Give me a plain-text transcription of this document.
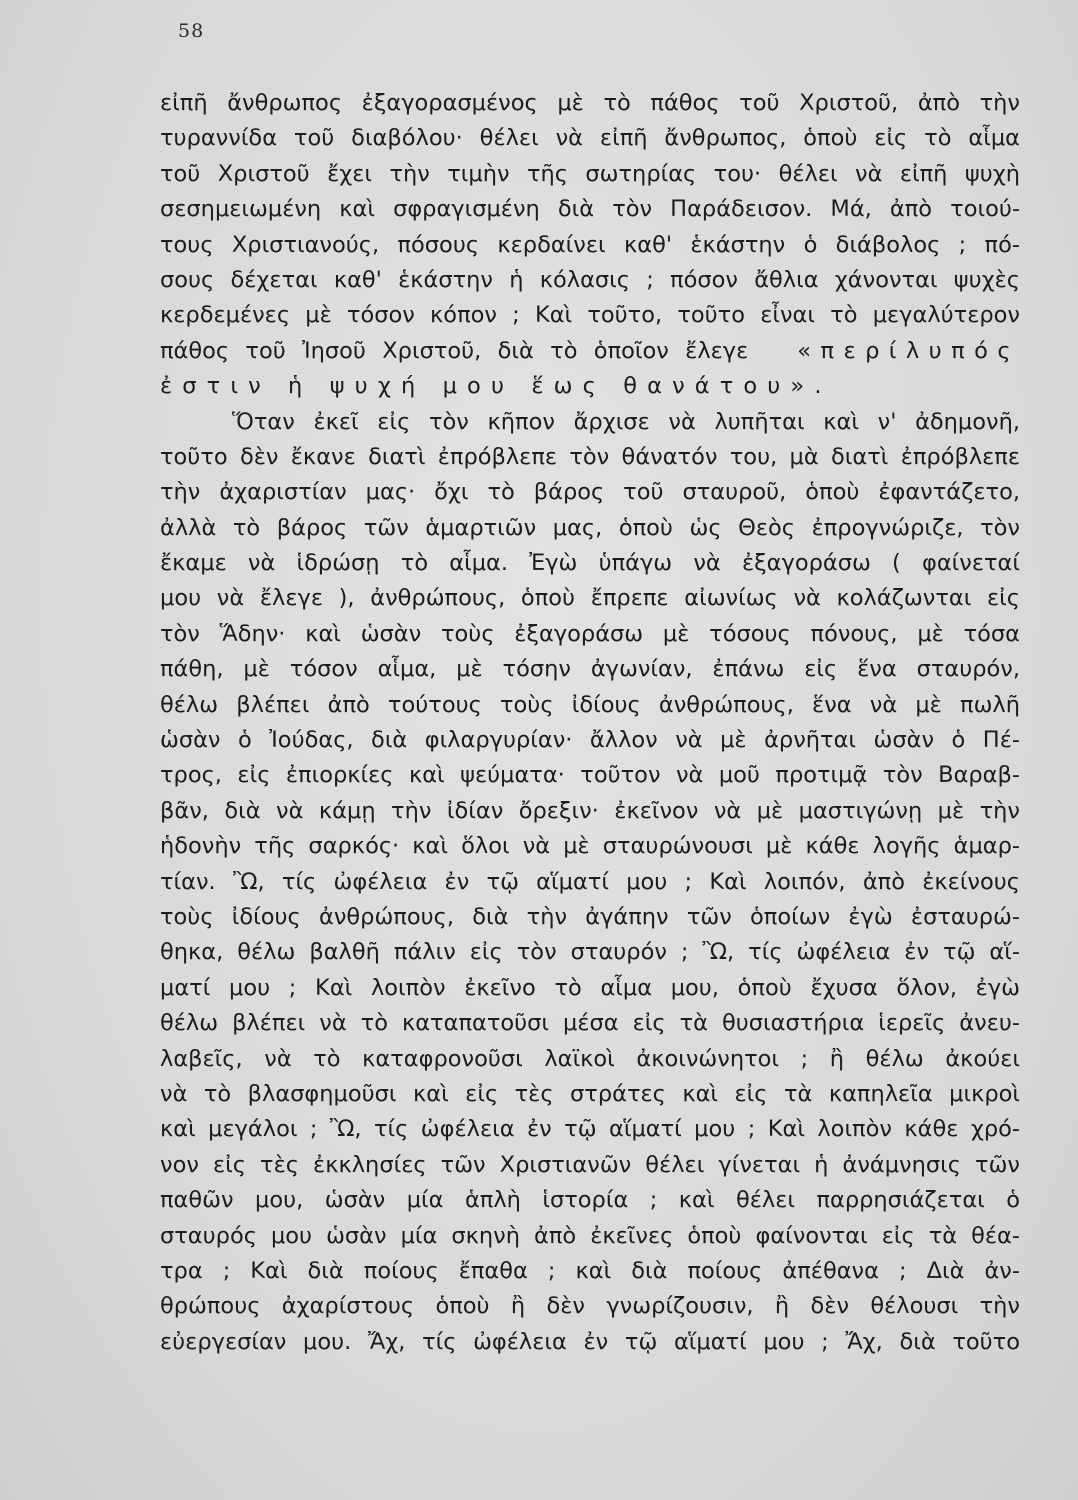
58
εἰπῆ ἄνθρωπος ἐξαγορασμένος μὲ τὸ πάθος τοῦ Χριστοῦ, ἀπὸ τὴν
τυραννίδα τοῦ διαβόλου· θέλει νὰ εἰπῆ ἄνθρωπος, ὁποὺ εἰς τὸ αἷμα
τοῦ Χριστοῦ ἔχει τὴν τιμὴν τῆς σωτηρίας του· θέλει νὰ εἰπῆ ψυχὴ
σεσημειωμένη καὶ σφραγισμένη διὰ τὸν Παράδεισον. Μά, ἀπὸ τοιού-
τους Χριστιανούς, πόσους κερδαίνει καθ' ἑκάστην ὁ διάβολος ; πό-
σους δέχεται καθ' ἑκάστην ἡ κόλασις ; πόσον ἄθλια χάνονται ψυχὲς
κερδεμένες μὲ τόσον κόπον ; Καὶ τοῦτο, τοῦτο εἶναι τὸ μεγαλύτερον
πάθος τοῦ Ἰησοῦ Χριστοῦ, διὰ τὸ ὁποῖον ἔλεγε «περίλυπός
ἐστιν ἡ ψυχή μου ἕως θανάτου».
Ὅταν ἐκεῖ εἰς τὸν κῆπον ἄρχισε νὰ λυπῆται καὶ ν' ἀδημονῆ,
τοῦτο δὲν ἔκανε διατὶ ἐπρόβλεπε τὸν θάνατόν του, μὰ διατὶ ἐπρόβλεπε
τὴν ἀχαριστίαν μας· ὄχι τὸ βάρος τοῦ σταυροῦ, ὁποὺ ἐφαντάζετο,
ἀλλὰ τὸ βάρος τῶν ἁμαρτιῶν μας, ὁποὺ ὡς Θεὸς ἐπρογνώριζε, τὸν
ἔκαμε νὰ ἱδρώσῃ τὸ αἷμα. Ἐγὼ ὑπάγω νὰ ἐξαγοράσω ( φαίνεταί
μου νὰ ἔλεγε ), ἀνθρώπους, ὁποὺ ἔπρεπε αἰωνίως νὰ κολάζωνται εἰς
τὸν Ἅδην· καὶ ὡσὰν τοὺς ἐξαγοράσω μὲ τόσους πόνους, μὲ τόσα
πάθη, μὲ τόσον αἷμα, μὲ τόσην ἀγωνίαν, ἐπάνω εἰς ἕνα σταυρόν,
θέλω βλέπει ἀπὸ τούτους τοὺς ἰδίους ἀνθρώπους, ἕνα νὰ μὲ πωλῆ
ὡσὰν ὁ Ἰούδας, διὰ φιλαργυρίαν· ἄλλον νὰ μὲ ἀρνῆται ὡσὰν ὁ Πέ-
τρος, εἰς ἐπιορκίες καὶ ψεύματα· τοῦτον νὰ μοῦ προτιμᾷ τὸν Βαραβ-
βᾶν, διὰ νὰ κάμῃ τὴν ἰδίαν ὄρεξιν· ἐκεῖνον νὰ μὲ μαστιγώνῃ μὲ τὴν
ἡδονὴν τῆς σαρκός· καὶ ὅλοι νὰ μὲ σταυρώνουσι μὲ κάθε λογῆς ἁμαρ-
τίαν. Ὢ, τίς ὠφέλεια ἐν τῷ αἵματί μου ; Καὶ λοιπόν, ἀπὸ ἐκείνους
τοὺς ἰδίους ἀνθρώπους, διὰ τὴν ἀγάπην τῶν ὁποίων ἐγὼ ἐσταυρώ-
θηκα, θέλω βαλθῆ πάλιν εἰς τὸν σταυρόν ; Ὢ, τίς ὠφέλεια ἐν τῷ αἵ-
ματί μου ; Καὶ λοιπὸν ἐκεῖνο τὸ αἷμα μου, ὁποὺ ἔχυσα ὅλον, ἐγὼ
θέλω βλέπει νὰ τὸ καταπατοῦσι μέσα εἰς τὰ θυσιαστήρια ἱερεῖς ἀνευ-
λαβεῖς, νὰ τὸ καταφρονοῦσι λαϊκοὶ ἀκοινώνητοι ; ἢ θέλω ἀκούει
νὰ τὸ βλασφημοῦσι καὶ εἰς τὲς στράτες καὶ εἰς τὰ καπηλεῖα μικροὶ
καὶ μεγάλοι ; Ὢ, τίς ὠφέλεια ἐν τῷ αἵματί μου ; Καὶ λοιπὸν κάθε χρό-
νον εἰς τὲς ἐκκλησίες τῶν Χριστιανῶν θέλει γίνεται ἡ ἀνάμνησις τῶν
παθῶν μου, ὡσὰν μία ἁπλὴ ἱστορία ; καὶ θέλει παρρησιάζεται ὁ
σταυρός μου ὡσὰν μία σκηνὴ ἀπὸ ἐκεῖνες ὁποὺ φαίνονται εἰς τὰ θέα-
τρα ; Καὶ διὰ ποίους ἔπαθα ; καὶ διὰ ποίους ἀπέθανα ; Διὰ ἀν-
θρώπους ἀχαρίστους ὁποὺ ἢ δὲν γνωρίζουσιν, ἢ δὲν θέλουσι τὴν
εὐεργεσίαν μου. Ἄχ, τίς ὠφέλεια ἐν τῷ αἵματί μου ; Ἄχ, διὰ τοῦτο
